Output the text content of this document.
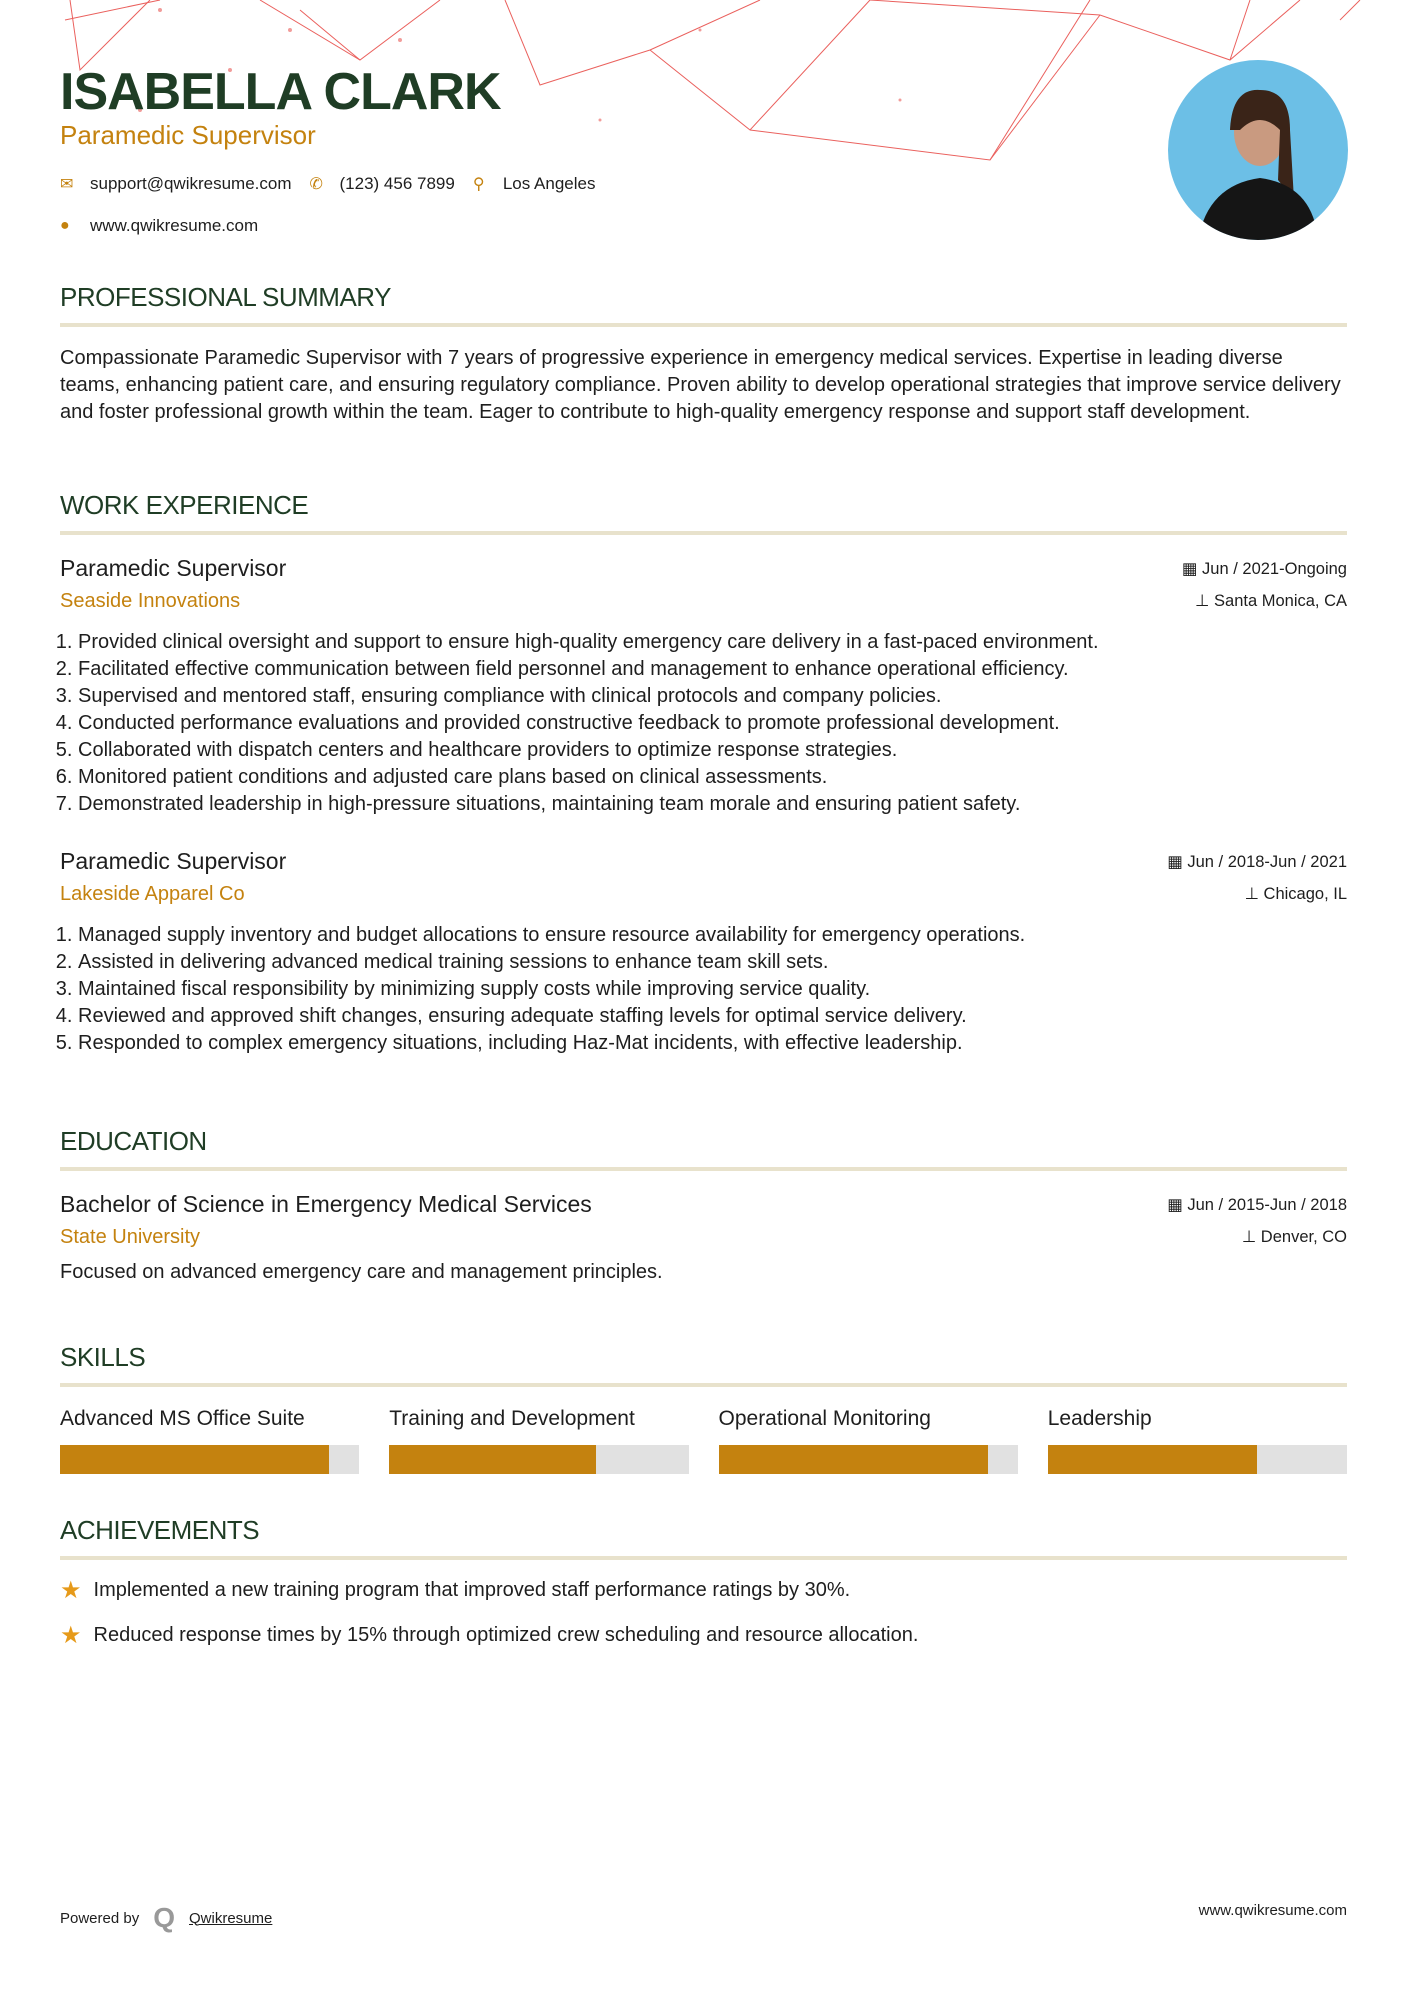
ISABELLA CLARK
Paramedic Supervisor
✉ support@qwikresume.com ✆ (123) 456 7899 ⚲	Los Angeles
●	www.qwikresume.com
PROFESSIONAL SUMMARY

Compassionate Paramedic Supervisor with 7 years of progressive experience in emergency medical services. Expertise in leading diverse teams, enhancing patient care, and ensuring regulatory compliance. Proven ability to develop operational strategies that improve service delivery and foster professional growth within the team. Eager to contribute to high-quality emergency response and support staff development.

WORK EXPERIENCE
Paramedic Supervisor
Seaside Innovations
▦ Jun / 2021-Ongoing
⊥ Santa Monica, CA
1. Provided clinical oversight and support to ensure high-quality emergency care delivery in a fast-paced environment.
2. Facilitated effective communication between field personnel and management to enhance operational efficiency.
3. Supervised and mentored staff, ensuring compliance with clinical protocols and company policies.
4. Conducted performance evaluations and provided constructive feedback to promote professional development.
5. Collaborated with dispatch centers and healthcare providers to optimize response strategies.
6. Monitored patient conditions and adjusted care plans based on clinical assessments.
7. Demonstrated leadership in high-pressure situations, maintaining team morale and ensuring patient safety.
Paramedic Supervisor
Lakeside Apparel Co
▦ Jun / 2018-Jun / 2021
⊥ Chicago, IL
1. Managed supply inventory and budget allocations to ensure resource availability for emergency operations.
2. Assisted in delivering advanced medical training sessions to enhance team skill sets.
3. Maintained fiscal responsibility by minimizing supply costs while improving service quality.
4. Reviewed and approved shift changes, ensuring adequate staffing levels for optimal service delivery.
5. Responded to complex emergency situations, including Haz-Mat incidents, with effective leadership.
EDUCATION
Bachelor of Science in Emergency Medical Services
State University
▦ Jun / 2015-Jun / 2018
⊥ Denver, CO

Focused on advanced emergency care and management principles.

SKILLS
Advanced MS Office Suite	Training and Development	Operational Monitoring	Leadership
ACHIEVEMENTS
★ Implemented a new training program that improved staff performance ratings by 30%.
★ Reduced response times by 15% through optimized crew scheduling and resource allocation.
Powered by Q Qwikresume	www.qwikresume.com
